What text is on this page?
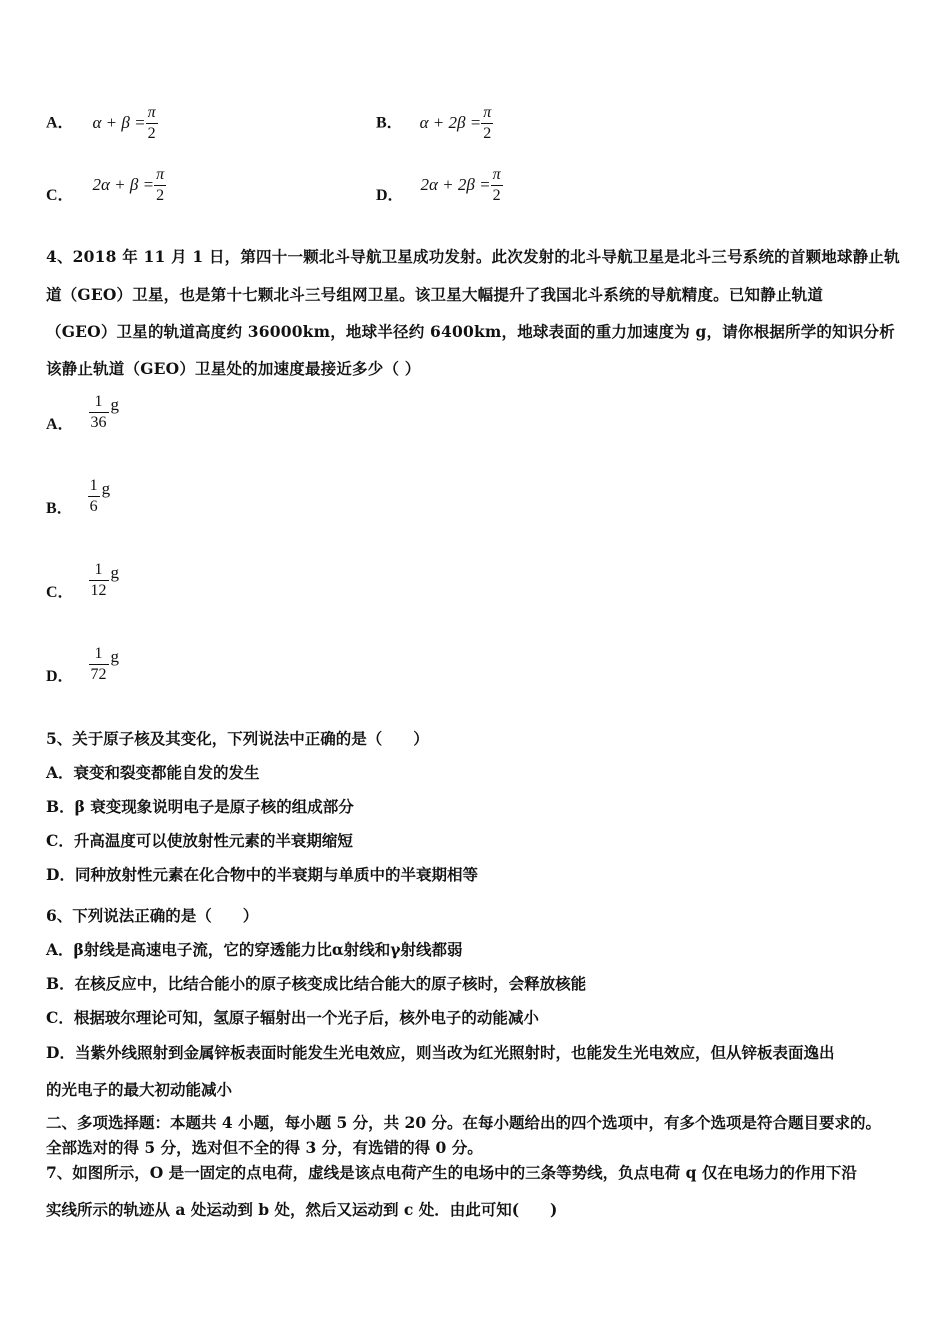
A． $\alpha + \beta = \frac{\pi}{2}$	B． $\alpha + 2\beta = \frac{\pi}{2}$
C． $2\alpha + \beta = \frac{\pi}{2}$	D． $2\alpha + 2\beta = \frac{\pi}{2}$
4、2018 年 11 月 1 日，第四十一颗北斗导航卫星成功发射。此次发射的北斗导航卫星是北斗三号系统的首颗地球静止轨
道（GEO）卫星，也是第十七颗北斗三号组网卫星。该卫星大幅提升了我国北斗系统的导航精度。已知静止轨道
（GEO）卫星的轨道高度约 36000km，地球半径约 6400km，地球表面的重力加速度为 g，请你根据所学的知识分析
该静止轨道（GEO）卫星处的加速度最接近多少（ ）
A． $\frac{1}{36}$ g
B． $\frac{1}{6}$ g
C． $\frac{1}{12}$ g
D． $\frac{1}{72}$ g
5、关于原子核及其变化，下列说法中正确的是（　　）
A．衰变和裂变都能自发的发生
B．β 衰变现象说明电子是原子核的组成部分
C．升高温度可以使放射性元素的半衰期缩短
D．同种放射性元素在化合物中的半衰期与单质中的半衰期相等
6、下列说法正确的是（　　）
A．β射线是高速电子流，它的穿透能力比α射线和γ射线都弱
B．在核反应中，比结合能小的原子核变成比结合能大的原子核时，会释放核能
C．根据玻尔理论可知，氢原子辐射出一个光子后，核外电子的动能减小
D．当紫外线照射到金属锌板表面时能发生光电效应，则当改为红光照射时，也能发生光电效应，但从锌板表面逸出
的光电子的最大初动能减小
二、多项选择题：本题共 4 小题，每小题 5 分，共 20 分。在每小题给出的四个选项中，有多个选项是符合题目要求的。
全部选对的得 5 分，选对但不全的得 3 分，有选错的得 0 分。
7、如图所示，O 是一固定的点电荷，虚线是该点电荷产生的电场中的三条等势线，负点电荷 q 仅在电场力的作用下沿
实线所示的轨迹从 a 处运动到 b 处，然后又运动到 c 处．由此可知(　　)
